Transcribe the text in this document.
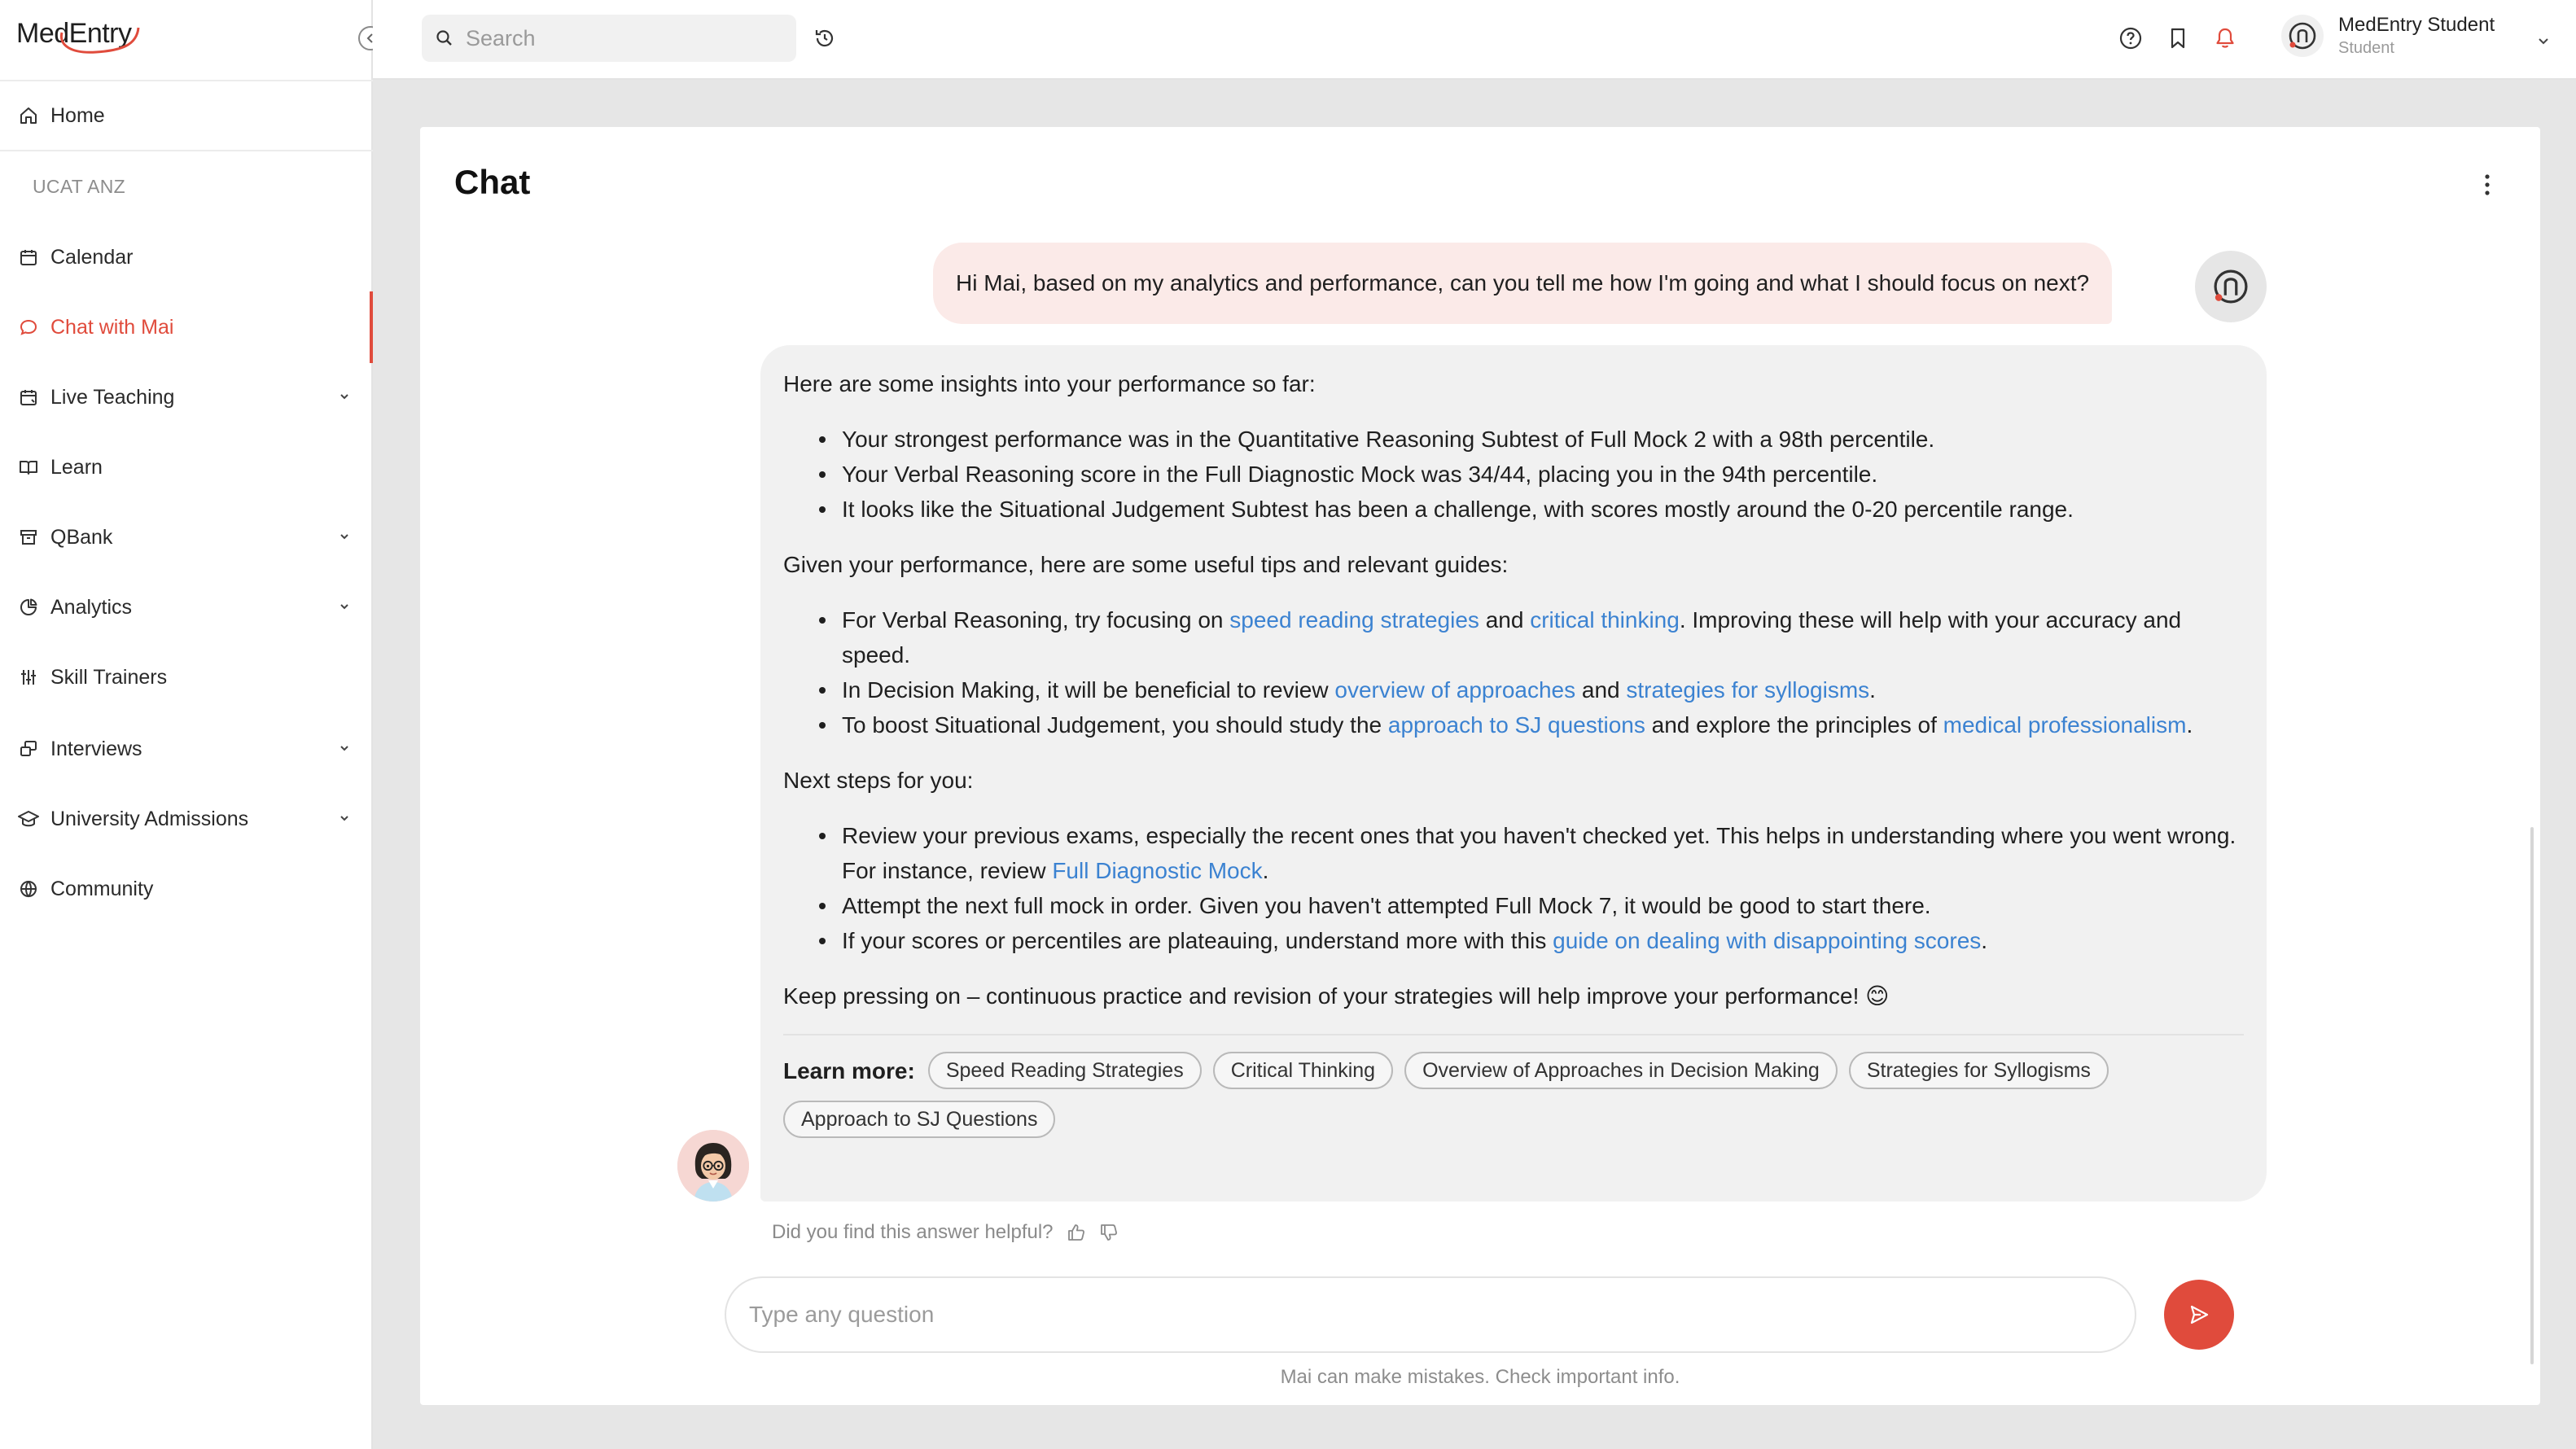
MedEntry
Home
UCAT ANZ
Calendar
Chat with Mai
Live Teaching
Learn
QBank
Analytics
Skill Trainers
Interviews
University Admissions
Community
Search
MedEntry Student
Student
Chat
Hi Mai, based on my analytics and performance, can you tell me how I'm going and what I should focus on next?

Here are some insights into your performance so far:

Your strongest performance was in the Quantitative Reasoning Subtest of Full Mock 2 with a 98th percentile.
Your Verbal Reasoning score in the Full Diagnostic Mock was 34/44, placing you in the 94th percentile.
It looks like the Situational Judgement Subtest has been a challenge, with scores mostly around the 0-20 percentile range.

Given your performance, here are some useful tips and relevant guides:

For Verbal Reasoning, try focusing on speed reading strategies and critical thinking. Improving these will help with your accuracy and speed.
In Decision Making, it will be beneficial to review overview of approaches and strategies for syllogisms.
To boost Situational Judgement, you should study the approach to SJ questions and explore the principles of medical professionalism.

Next steps for you:

Review your previous exams, especially the recent ones that you haven't checked yet. This helps in understanding where you went wrong. For instance, review Full Diagnostic Mock.
Attempt the next full mock in order. Given you haven't attempted Full Mock 7, it would be good to start there.
If your scores or percentiles are plateauing, understand more with this guide on dealing with disappointing scores.

Keep pressing on – continuous practice and revision of your strategies will help improve your performance! 😊

Learn more:	Speed Reading Strategies	Critical Thinking	Overview of Approaches in Decision Making	Strategies for Syllogisms
Approach to SJ Questions
Did you find this answer helpful?
Type any question
Mai can make mistakes. Check important info.
